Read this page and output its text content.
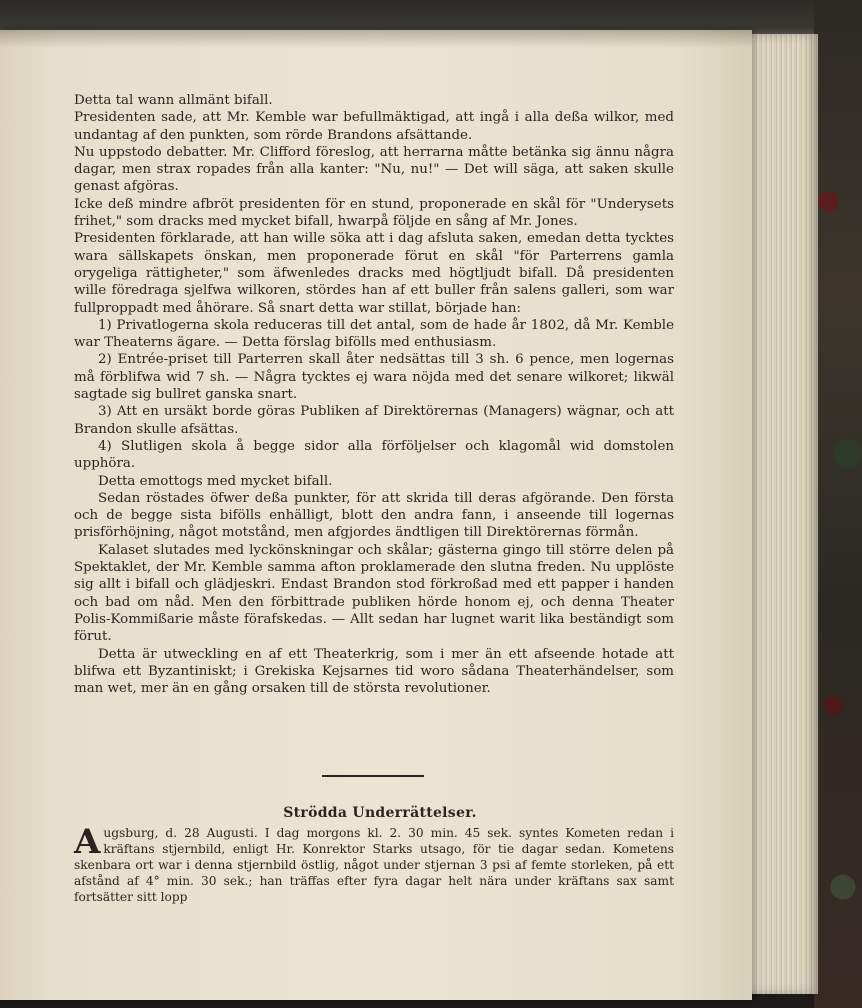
Detta tal wann allmänt bifall.

Presidenten sade, att Mr. Kemble war befullmäktigad, att ingå i alla deßa wilkor, med undantag af den punkten, som rörde Brandons afsättande.

Nu uppstodo debatter. Mr. Clifford föreslog, att herrarna måtte betänka sig ännu några dagar, men strax ropades från alla kanter: "Nu, nu!" — Det will säga, att saken skulle genast afgöras.

Icke deß mindre afbröt presidenten för en stund, proponerade en skål för "Underysets frihet," som dracks med mycket bifall, hwarpå följde en sång af Mr. Jones.

Presidenten förklarade, att han wille söka att i dag afsluta saken, emedan detta tycktes wara sällskapets önskan, men proponerade förut en skål "för Parterrens gamla orygeliga rättigheter," som äfwenledes dracks med högtljudt bifall. Då presidenten wille föredraga sjelfwa wilkoren, stördes han af ett buller från salens galleri, som war fullproppadt med åhörare. Så snart detta war stillat, började han:

1) Privatlogerna skola reduceras till det antal, som de hade år 1802, då Mr. Kemble war Theaterns ägare. — Detta förslag bifölls med enthusiasm.

2) Entrée-priset till Parterren skall åter nedsättas till 3 sh. 6 pence, men logernas må förblifwa wid 7 sh. — Några tycktes ej wara nöjda med det senare wilkoret; likwäl sagtade sig bullret ganska snart.

3) Att en ursäkt borde göras Publiken af Direktörernas (Managers) wägnar, och att Brandon skulle afsättas.

4) Slutligen skola å begge sidor alla förföljelser och klagomål wid domstolen upphöra.

Detta emottogs med mycket bifall.

Sedan röstades öfwer deßa punkter, för att skrida till deras afgörande. Den första och de begge sista bifölls enhälligt, blott den andra fann, i anseende till logernas prisförhöjning, något motstånd, men afgjordes ändtligen till Direktörernas förmån.

Kalaset slutades med lyckönskningar och skålar; gästerna gingo till större delen på Spektaklet, der Mr. Kemble samma afton proklamerade den slutna freden. Nu upplöste sig allt i bifall och glädjeskri. Endast Brandon stod förkroßad med ett papper i handen och bad om nåd. Men den förbittrade publiken hörde honom ej, och denna Theater Polis-Kommißarie måste förafskedas. — Allt sedan har lugnet warit lika beständigt som förut.

Detta är utweckling en af ett Theaterkrig, som i mer än ett afseende hotade att blifwa ett Byzantiniskt; i Grekiska Kejsarnes tid woro sådana Theaterhändelser, som man wet, mer än en gång orsaken till de största revolutioner.

Strödda Underrättelser.
A ugsburg, d. 28 Augusti. I dag morgons kl. 2. 30 min. 45 sek. syntes Kometen redan i kräftans stjernbild, enligt Hr. Konrektor Starks utsago, för tie dagar sedan. Kometens skenbara ort war i denna stjernbild östlig, något under stjernan 3 psi af femte storleken, på ett afstånd af 4° min. 30 sek.; han träffas efter fyra dagar helt nära under kräftans sax samt fortsätter sitt lopp
